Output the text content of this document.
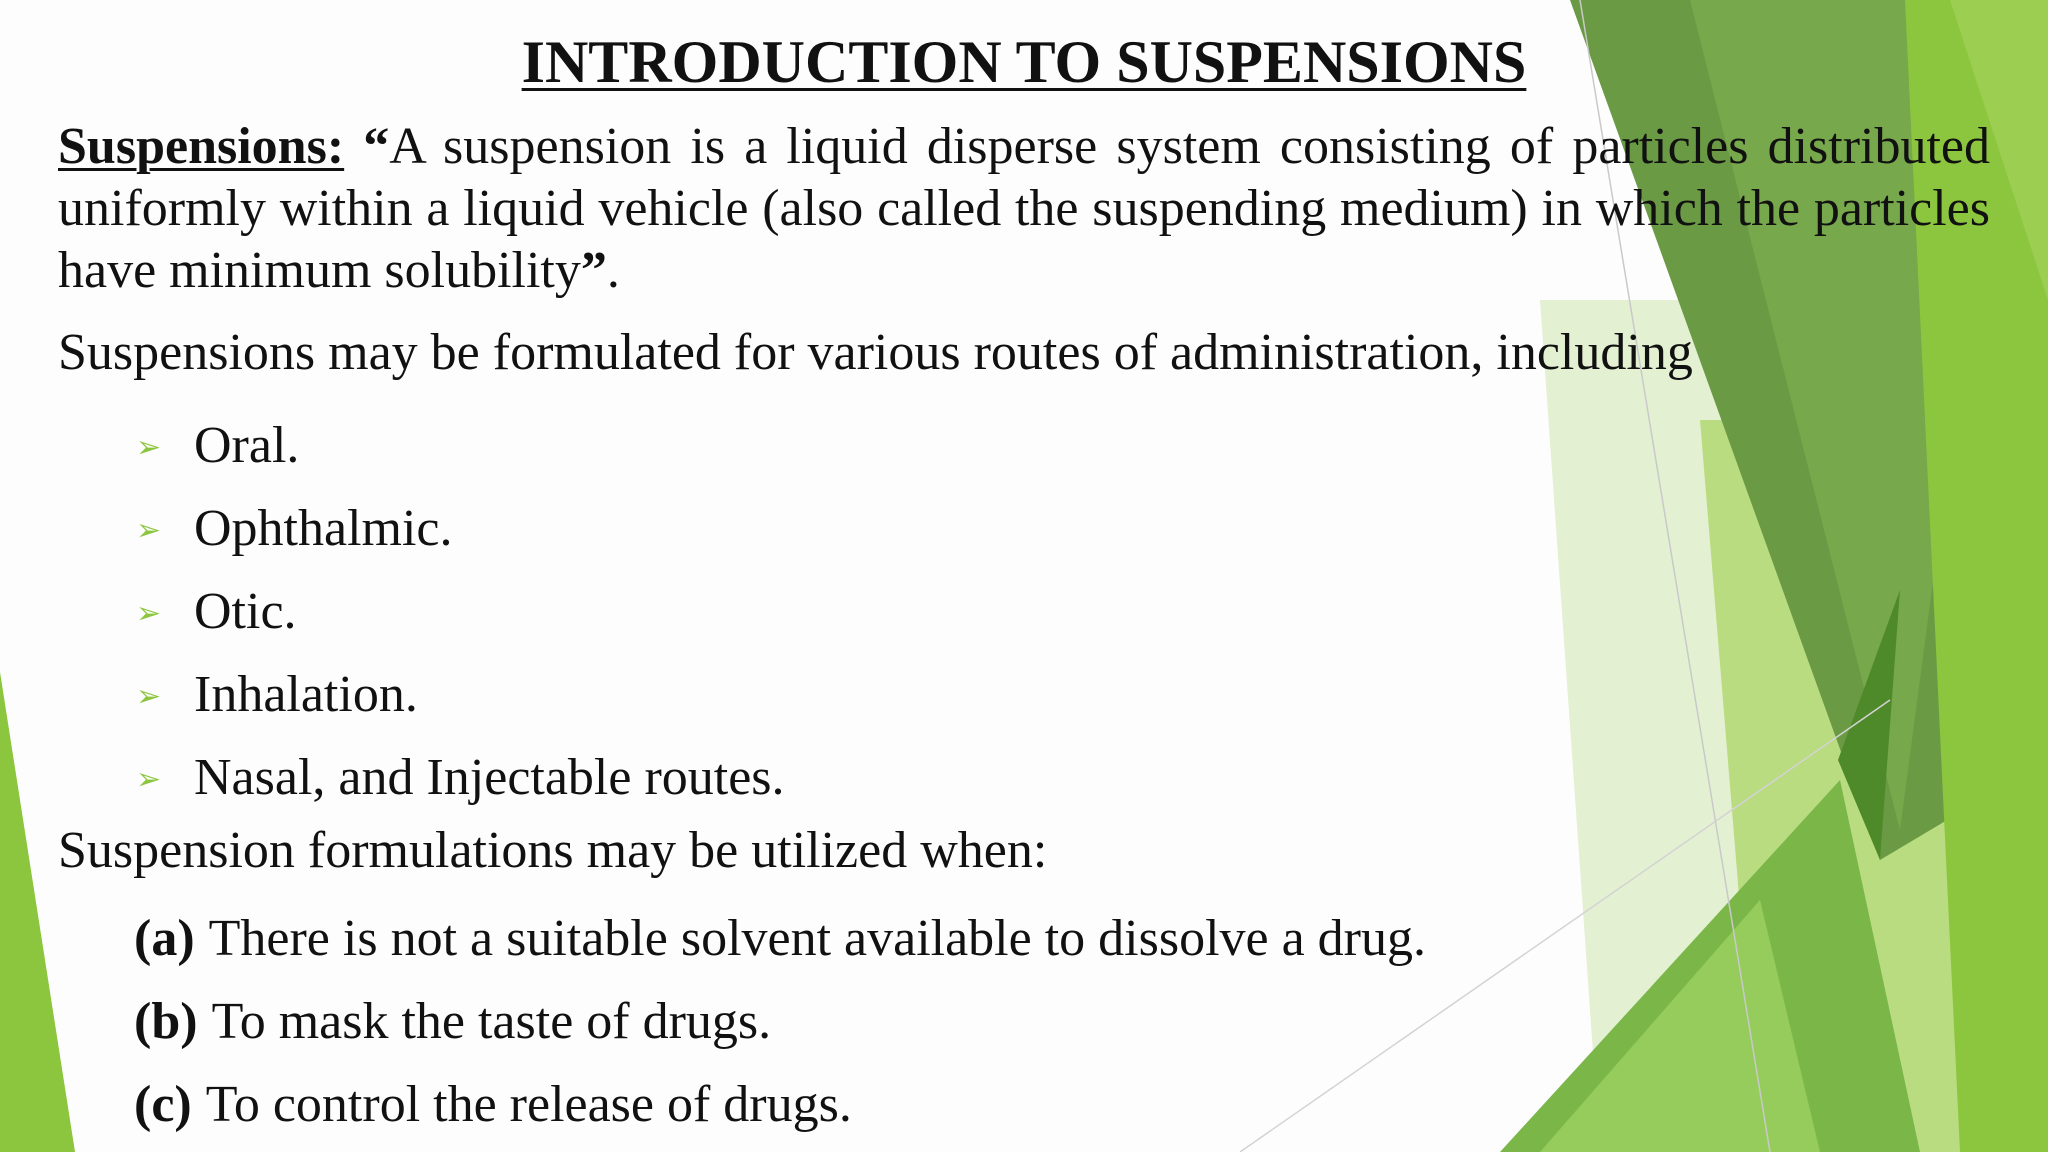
INTRODUCTION TO SUSPENSIONS

Suspensions: “A suspension is a liquid disperse system consisting of particles distributed uniformly within a liquid vehicle (also called the suspending medium) in which the particles have minimum solubility”.

Suspensions may be formulated for various routes of administration, including

➢ Oral.
➢ Ophthalmic.
➢ Otic.
➢ Inhalation.
➢ Nasal, and Injectable routes.

Suspension formulations may be utilized when:

(a) There is not a suitable solvent available to dissolve a drug.
(b) To mask the taste of drugs.
(c) To control the release of drugs.
